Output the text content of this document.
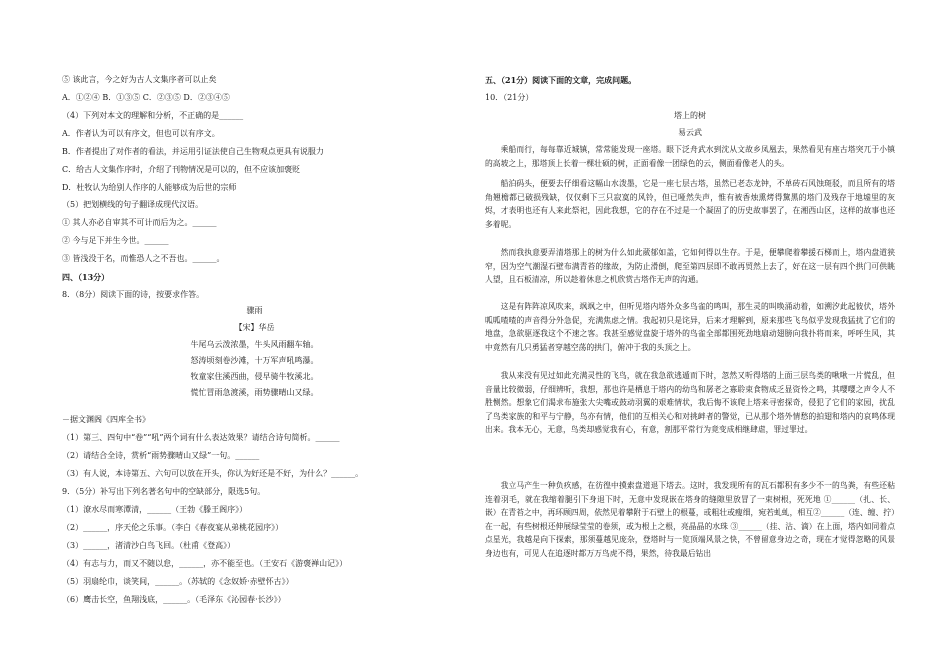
⑤ 该此言，今之好为古人文集序者可以止矣
A．①②④ B．①③⑤ C．②③⑤ D．②③④⑤
（4）下列对本文的理解和分析，不正确的是______
A．作者认为可以有序文，但也可以有序文。
B．作者提出了对作者的看法，并运用引证法使自己生物观点更具有说服力
C．给古人文集作序时，介绍了刊物情况是可以的，但不应该加褒贬
D．杜牧认为给别人作序的人能够成为后世的宗师
（5）把划横线的句子翻译成现代汉语。
① 其人亦必自审其不可计而后为之。______
② 今与足下并生今世。______
③ 皆浅没于名，而惟恐人之不吾也。______。
四、（13分）
8．（8分）阅读下面的诗，按要求作答。
骤雨
【宋】华岳
牛尾乌云泼浓墨，牛头风雨翻车轴。
怒涛顷刻卷沙滩，十万军声吼鸣瀑。
牧童家住溪西曲，侵早骑牛牧溪北。
慌忙冒雨急渡溪，雨势骤晴山又绿。
－据文渊阁《四库全书》
（1）第三、四句中“卷”“吼”两个词有什么表达效果？请结合诗句简析。______
（2）请结合全诗，赏析“雨势骤晴山又绿”一句。______
（3）有人说，本诗第五、六句可以放在开头，你认为好还是不好，为什么？______。
9．（5分）补写出下列名著名句中的空缺部分，限选5句。
（1）潦水尽而寒潭清，______（王勃《滕王阁序》）
（2）______，序天伦之乐事。（李白《春夜宴从弟桃花园序》）
（3）______，渚清沙白鸟飞回。（杜甫《登高》）
（4）有志与力，而又不随以怠，______，亦不能至也。（王安石《游褒禅山记》）
（5）羽扇纶巾，谈笑间，______。（苏轼的《念奴娇·赤壁怀古》）
（6）鹰击长空，鱼翔浅底，______。（毛泽东《沁园春·长沙》）
五、（21分）阅读下面的文章，完成问题。
10．（21分）
塔上的树
易云武
乘船而行，每每靠近城镇，常常能发现一座塔。眼下泛舟武水到沈从文故乡凤凰去，果然看见有座古塔突兀于小镇的高坡之上，那塔顶上长着一棵壮硕的树，正面看像一团绿色的云，侧面看像老人的头。
船泊码头，便要去仔细看这幅山水泼墨，它是一座七层古塔，虽然已老态龙钟，不单砖石风蚀斑驳，而且所有的塔角翘檐都已破损残缺，仅仅剩下三只寂寞的风铃，但已哑然失声，惟有被香烛熏烤得黧黑的塔门及残存于地墟里的灰烬，才表明也还有人来此祭祀，因此我想，它的存在不过是一个凝固了的历史故事罢了，在湘西山区，这样的故事也还多着呢。
然而我执意要弄清塔那上的树为什么如此葳郁如盖，它如何得以生存。于是，便攀爬着攀援石梯而上，塔内盘道狭窄，因为空气潮湿石壁布满青苔的缘故，为防止滑倒，爬至第四层即不敢再贸然上去了，好在这一层有四个拱门可供眺人望，且石板清凉，所以趁着休息之机欣赏古塔作无声的沟通。
这是有阵阵凉风吹来，飒飒之中，但听见塔内塔外众多鸟雀的鸣叫，那生灵的叫唤涌动着，如溯汐此起彼伏，塔外呱呱喳喳的声音得分外急促，充满焦虑之情。我起初只是诧异，后来才理解到，原来那些飞鸟似乎发现我猛扰了它们的地盘，急欲驱逐我这个不速之客。我甚至感觉盘旋于塔外的鸟雀全部都围死劲地扇动翅膀向我扑将而来，呼呼生风，其中竟然有几只勇猛者穿越空荡的拱门，俯冲于我的头顶之上。
我从来没有见过如此充满灵性的飞鸟，就在我急欲逃遁而下时，忽然又听得塔的上面三层鸟类的啾啾一片慌乱，但音量比较微弱，仔细辨听，我想，那也许是栖息于塔内的幼鸟和孱老之寡聆束食物成乏显资怜之鸣，其嘤嘤之声令人不胜恻然。想象它们渴求布施张大尖嘴或鼓动羽翼的艰难情状，我后悔不该爬上塔来寻密探奇，侵犯了它们的家园，扰乱了鸟类家族的和平与宁静，鸟亦有情，他们的互相关心和对挑衅者的警觉，已从那个塔外情愁的拍翅和塔内的哀鸣体现出来。我本无心，无意，鸟类却感觉我有心，有意，割那平常行为竟变成相继肆虐，罪过罪过。
我立马产生一种负疚感，在彷徨中摸索盘道退下塔去。这时，我发现所有的瓦石都积有多少不一的鸟粪，有些还粘连着羽毛，就在我缩着腿引下身退下时，无意中发现嵌在塔身的缝隙里放冒了一束树根，死死地 ①______（扎、长、嵌）在青苔之中，再环顾四周，依然见着攀附于石壁上的根蔓，或粗壮或瘦细，宛若虬虬，相互②______（连、缠、拧）在一起，有些树根还伸展绿莹莹的卷须，或为根上之根，亮晶晶的水珠 ③______（挂、沾、滴）在上面，塔内如同着点点星光，我越是向下探索，那须蔓越见庞杂，登塔时与一览顶端风景之快，不曾留意身边之奇，现在才觉得忽略的风景身边也有，可见人在追逐时都万万鸟虎不得，果然，待我最后钻出
